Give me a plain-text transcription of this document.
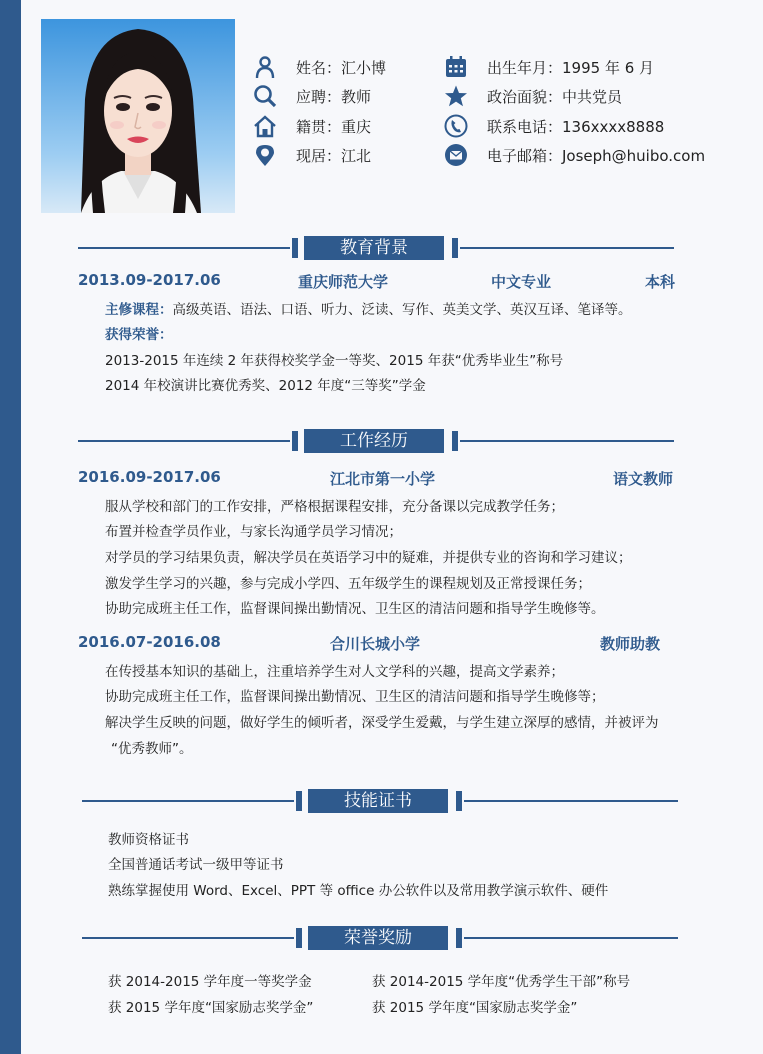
姓名：汇小博
应聘：教师
籍贯：重庆
现居：江北
出生年月：1995 年 6 月
政治面貌：中共党员
联系电话：136xxxx8888
电子邮箱：Joseph@huibo.com
教育背景
2013.09-2017.06	重庆师范大学	中文专业	本科
主修课程：高级英语、语法、口语、听力、泛读、写作、英美文学、英汉互译、笔译等。
获得荣誉：
2013-2015 年连续 2 年获得校奖学金一等奖、2015 年获“优秀毕业生”称号
2014 年校演讲比赛优秀奖、2012 年度“三等奖”学金
工作经历
2016.09-2017.06	江北市第一小学	语文教师
服从学校和部门的工作安排，严格根据课程安排，充分备课以完成教学任务；
布置并检查学员作业，与家长沟通学员学习情况；
对学员的学习结果负责，解决学员在英语学习中的疑难，并提供专业的咨询和学习建议；
激发学生学习的兴趣，参与完成小学四、五年级学生的课程规划及正常授课任务；
协助完成班主任工作，监督课间操出勤情况、卫生区的清洁问题和指导学生晚修等。
2016.07-2016.08	合川长城小学	教师助教
在传授基本知识的基础上，注重培养学生对人文学科的兴趣，提高文学素养；
协助完成班主任工作，监督课间操出勤情况、卫生区的清洁问题和指导学生晚修等；
解决学生反映的问题，做好学生的倾听者，深受学生爱戴，与学生建立深厚的感情，并被评为
“优秀教师”。
技能证书
教师资格证书
全国普通话考试一级甲等证书
熟练掌握使用 Word、Excel、PPT 等 office 办公软件以及常用教学演示软件、硬件
荣誉奖励
获 2014-2015 学年度一等奖学金	获 2014-2015 学年度“优秀学生干部”称号
获 2015 学年度“国家励志奖学金”	获 2015 学年度“国家励志奖学金”
